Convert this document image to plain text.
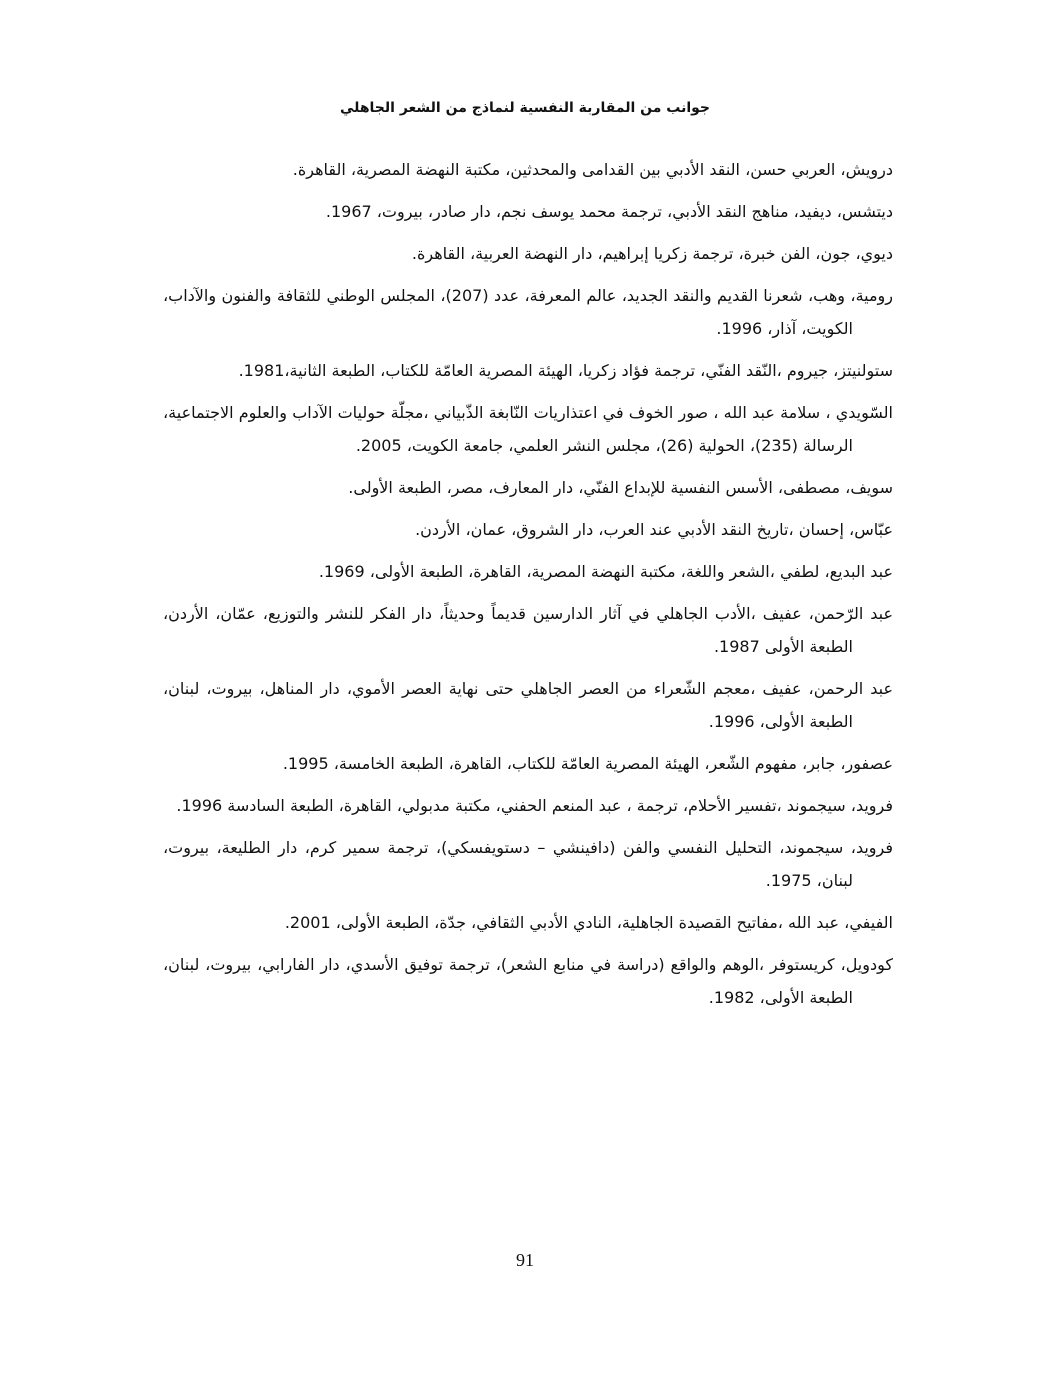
جوانب من المقاربة النفسية لنماذج من الشعر الجاهلي
درويش، العربي حسن، النقد الأدبي بين القدامى والمحدثين، مكتبة النهضة المصرية، القاهرة.
ديتشس، ديفيد، مناهج النقد الأدبي، ترجمة محمد يوسف نجم، دار صادر، بيروت، 1967.
ديوي، جون، الفن خبرة، ترجمة زكريا إبراهيم، دار النهضة العربية، القاهرة.
رومية، وهب، شعرنا القديم والنقد الجديد، عالم المعرفة، عدد (207)، المجلس الوطني للثقافة والفنون والآداب، الكويت، آذار، 1996.
ستولنيتز، جيروم ،النّقد الفنّي، ترجمة فؤاد زكريا، الهيئة المصرية العامّة للكتاب، الطبعة الثانية،1981.
السّويدي ، سلامة عبد الله ، صور الخوف في اعتذاريات النّابغة الذّبياني ،مجلّة حوليات الآداب والعلوم الاجتماعية، الرسالة (235)، الحولية (26)، مجلس النشر العلمي، جامعة الكويت، 2005.
سويف، مصطفى، الأسس النفسية للإبداع الفنّي، دار المعارف، مصر، الطبعة الأولى.
عبّاس، إحسان ،تاريخ النقد الأدبي عند العرب، دار الشروق، عمان، الأردن.
عبد البديع، لطفي ،الشعر واللغة، مكتبة النهضة المصرية، القاهرة، الطبعة الأولى، 1969.
عبد الرّحمن، عفيف ،الأدب الجاهلي في آثار الدارسين قديماً وحديثاً، دار الفكر للنشر والتوزيع، عمّان، الأردن، الطبعة الأولى 1987.
عبد الرحمن، عفيف ،معجم الشّعراء من العصر الجاهلي حتى نهاية العصر الأموي، دار المناهل، بيروت، لبنان، الطبعة الأولى، 1996.
عصفور، جابر، مفهوم الشّعر، الهيئة المصرية العامّة للكتاب، القاهرة، الطبعة الخامسة، 1995.
فرويد، سيجموند ،تفسير الأحلام، ترجمة ، عبد المنعم الحفني، مكتبة مدبولي، القاهرة، الطبعة السادسة 1996.
فرويد، سيجموند، التحليل النفسي والفن (دافينشي – دستويفسكي)، ترجمة سمير كرم، دار الطليعة، بيروت، لبنان، 1975.
الفيفي، عبد الله ،مفاتيح القصيدة الجاهلية، النادي الأدبي الثقافي، جدّة، الطبعة الأولى، 2001.
كودويل، كريستوفر ،الوهم والواقع (دراسة في منابع الشعر)، ترجمة توفيق الأسدي، دار الفارابي، بيروت، لبنان، الطبعة الأولى، 1982.
91
